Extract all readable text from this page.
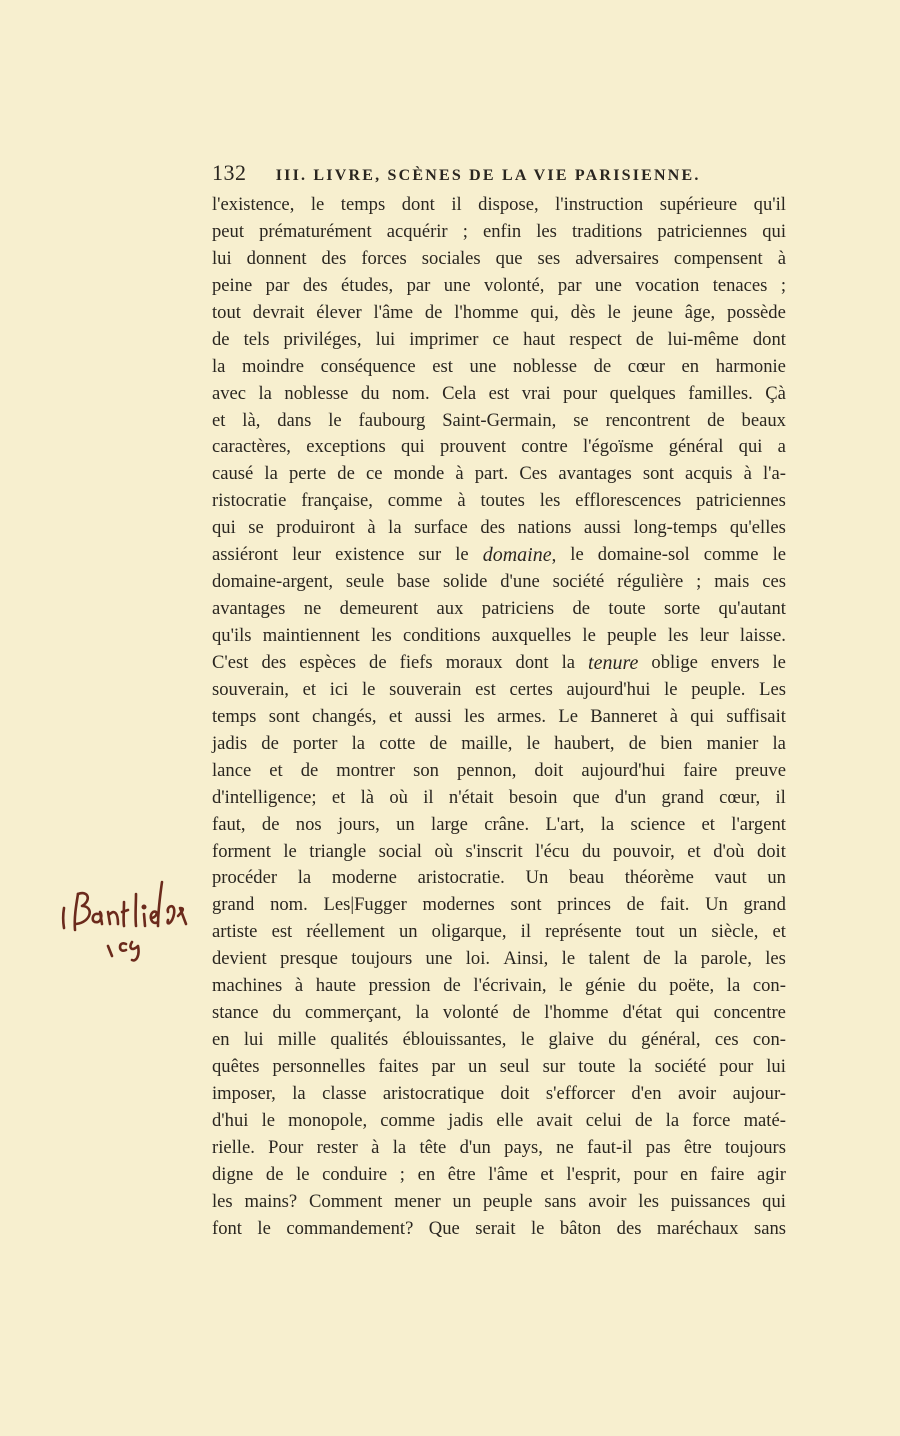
132 III. LIVRE, SCÈNES DE LA VIE PARISIENNE.
l'existence, le temps dont il dispose, l'instruction supérieure qu'il
peut prématurément acquérir ; enfin les traditions patriciennes qui
lui donnent des forces sociales que ses adversaires compensent à
peine par des études, par une volonté, par une vocation tenaces ;
tout devrait élever l'âme de l'homme qui, dès le jeune âge, possède
de tels priviléges, lui imprimer ce haut respect de lui-même dont
la moindre conséquence est une noblesse de cœur en harmonie
avec la noblesse du nom. Cela est vrai pour quelques familles. Çà
et là, dans le faubourg Saint-Germain, se rencontrent de beaux
caractères, exceptions qui prouvent contre l'égoïsme général qui a
causé la perte de ce monde à part. Ces avantages sont acquis à l'a-
ristocratie française, comme à toutes les efflorescences patriciennes
qui se produiront à la surface des nations aussi long-temps qu'elles
assiéront leur existence sur le domaine, le domaine-sol comme le
domaine-argent, seule base solide d'une société régulière ; mais ces
avantages ne demeurent aux patriciens de toute sorte qu'autant
qu'ils maintiennent les conditions auxquelles le peuple les leur laisse.
C'est des espèces de fiefs moraux dont la tenure oblige envers le
souverain, et ici le souverain est certes aujourd'hui le peuple. Les
temps sont changés, et aussi les armes. Le Banneret à qui suffisait
jadis de porter la cotte de maille, le haubert, de bien manier la
lance et de montrer son pennon, doit aujourd'hui faire preuve
d'intelligence; et là où il n'était besoin que d'un grand cœur, il
faut, de nos jours, un large crâne. L'art, la science et l'argent
forment le triangle social où s'inscrit l'écu du pouvoir, et d'où doit
procéder la moderne aristocratie. Un beau théorème vaut un
grand nom. Les|Fugger modernes sont princes de fait. Un grand
artiste est réellement un oligarque, il représente tout un siècle, et
devient presque toujours une loi. Ainsi, le talent de la parole, les
machines à haute pression de l'écrivain, le génie du poëte, la con-
stance du commerçant, la volonté de l'homme d'état qui concentre
en lui mille qualités éblouissantes, le glaive du général, ces con-
quêtes personnelles faites par un seul sur toute la société pour lui
imposer, la classe aristocratique doit s'efforcer d'en avoir aujour-
d'hui le monopole, comme jadis elle avait celui de la force maté-
rielle. Pour rester à la tête d'un pays, ne faut-il pas être toujours
digne de le conduire ; en être l'âme et l'esprit, pour en faire agir
les mains? Comment mener un peuple sans avoir les puissances qui
font le commandement? Que serait le bâton des maréchaux sans
